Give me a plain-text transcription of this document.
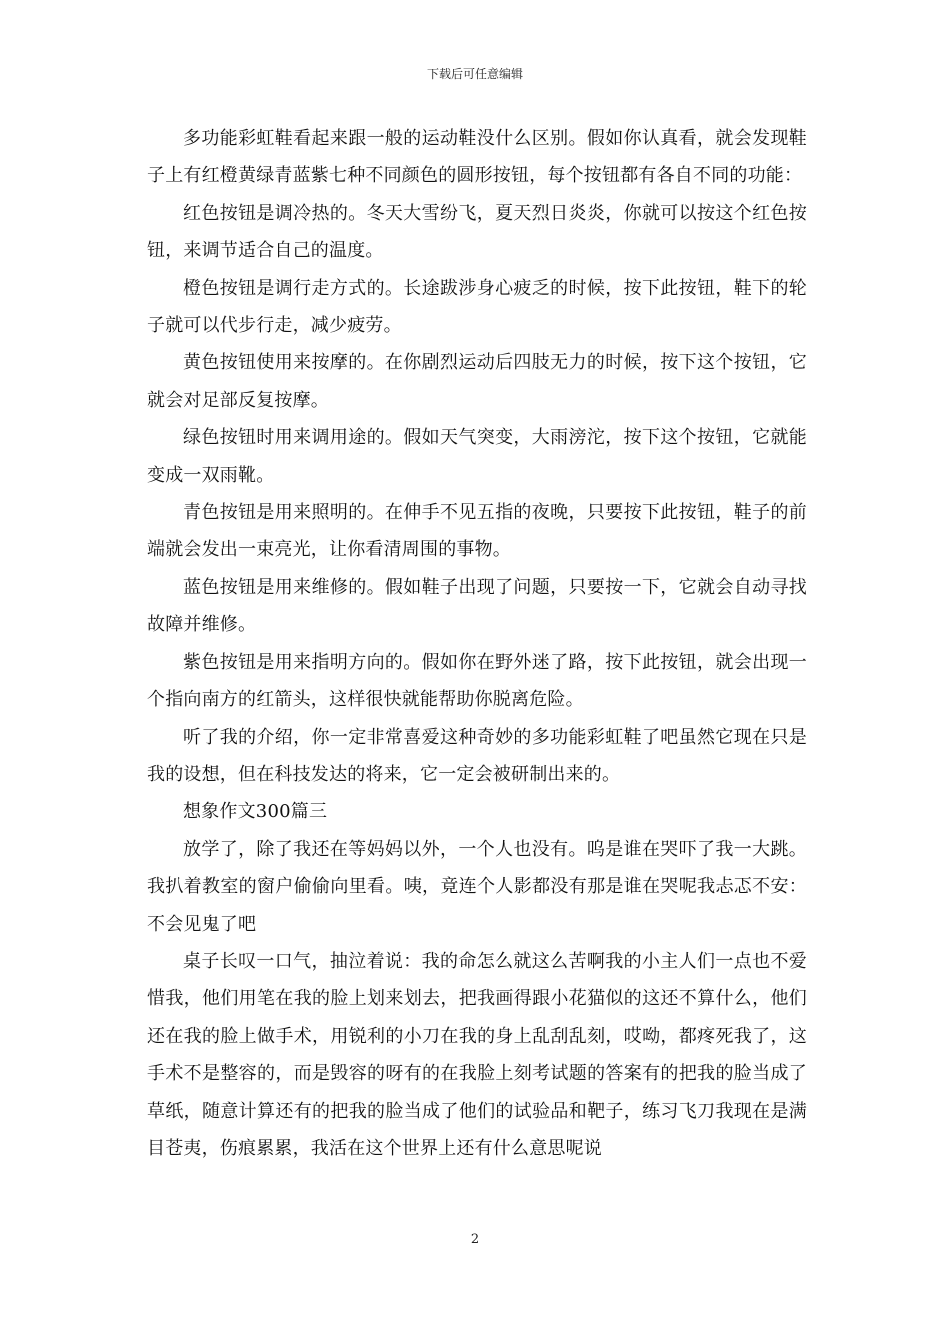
下载后可任意编辑

多功能彩虹鞋看起来跟一般的运动鞋没什么区别。假如你认真看，就会发现鞋子上有红橙黄绿青蓝紫七种不同颜色的圆形按钮，每个按钮都有各自不同的功能：

红色按钮是调冷热的。冬天大雪纷飞，夏天烈日炎炎，你就可以按这个红色按钮，来调节适合自己的温度。

橙色按钮是调行走方式的。长途跋涉身心疲乏的时候，按下此按钮，鞋下的轮子就可以代步行走，减少疲劳。

黄色按钮使用来按摩的。在你剧烈运动后四肢无力的时候，按下这个按钮，它就会对足部反复按摩。

绿色按钮时用来调用途的。假如天气突变，大雨滂沱，按下这个按钮，它就能变成一双雨靴。

青色按钮是用来照明的。在伸手不见五指的夜晚，只要按下此按钮，鞋子的前端就会发出一束亮光，让你看清周围的事物。

蓝色按钮是用来维修的。假如鞋子出现了问题，只要按一下，它就会自动寻找故障并维修。

紫色按钮是用来指明方向的。假如你在野外迷了路，按下此按钮，就会出现一个指向南方的红箭头，这样很快就能帮助你脱离危险。

听了我的介绍，你一定非常喜爱这种奇妙的多功能彩虹鞋了吧虽然它现在只是我的设想，但在科技发达的将来，它一定会被研制出来的。

想象作文300篇三

放学了，除了我还在等妈妈以外，一个人也没有。呜是谁在哭吓了我一大跳。我扒着教室的窗户偷偷向里看。咦，竟连个人影都没有那是谁在哭呢我忐忑不安：不会见鬼了吧

桌子长叹一口气，抽泣着说：我的命怎么就这么苦啊我的小主人们一点也不爱惜我，他们用笔在我的脸上划来划去，把我画得跟小花猫似的这还不算什么，他们还在我的脸上做手术，用锐利的小刀在我的身上乱刮乱刻，哎呦，都疼死我了，这手术不是整容的，而是毁容的呀有的在我脸上刻考试题的答案有的把我的脸当成了草纸，随意计算还有的把我的脸当成了他们的试验品和靶子，练习飞刀我现在是满目苍夷，伤痕累累，我活在这个世界上还有什么意思呢说

2
